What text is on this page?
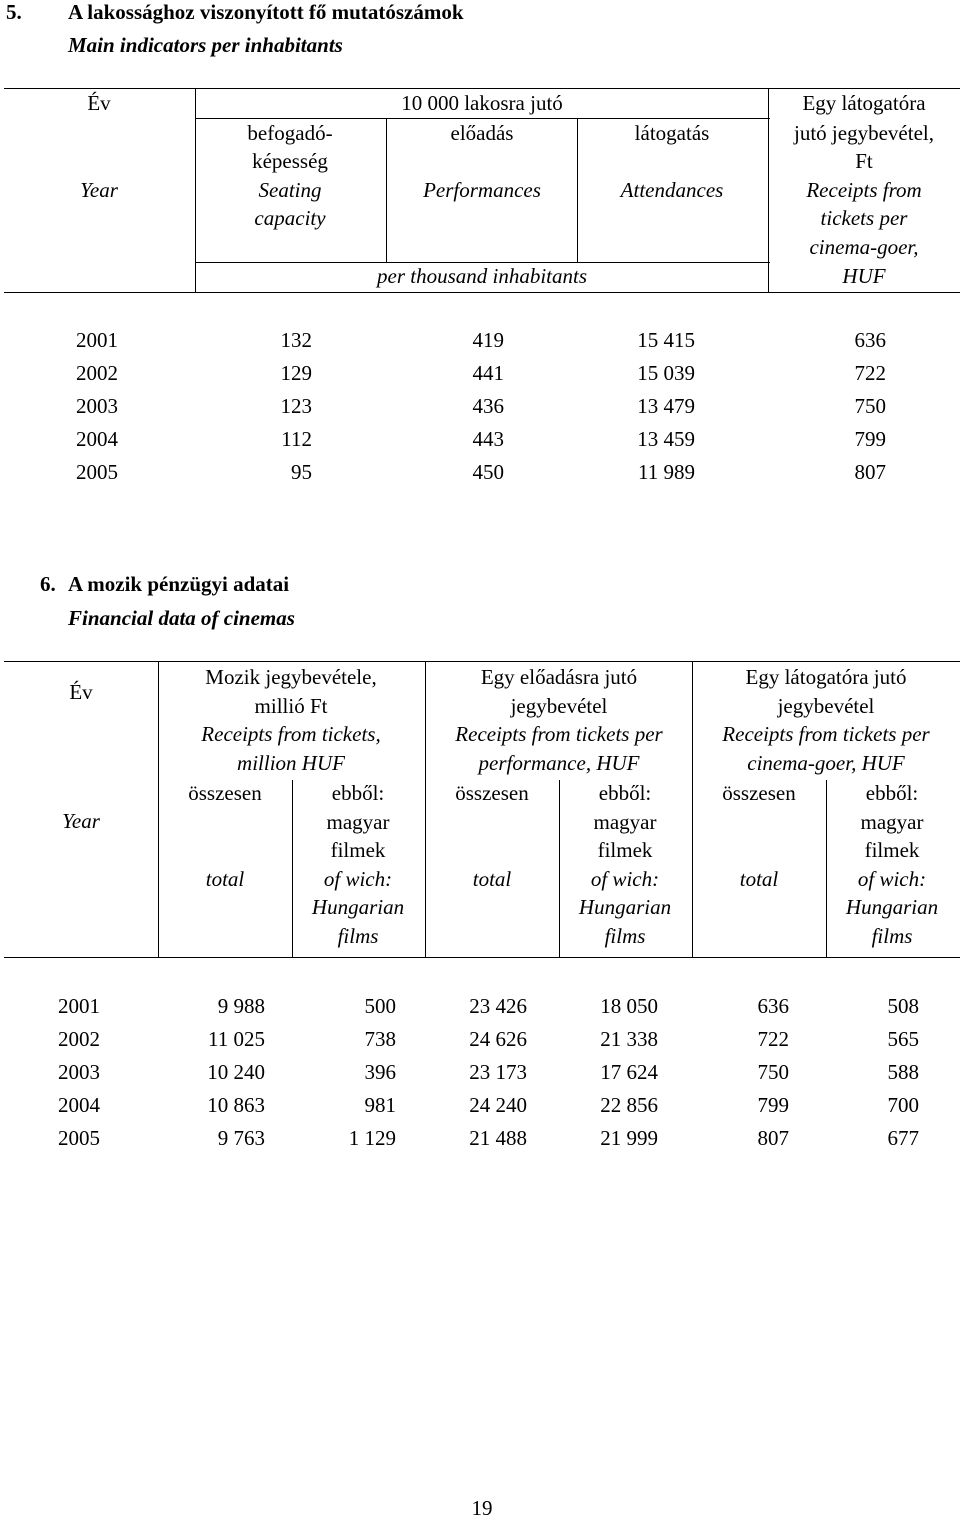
5. A lakossághoz viszonyított fő mutatószámok
Main indicators per inhabitants
Év
Year
10 000 lakosra jutó
per thousand inhabitants
befogadó-
képesség
Seating
capacity
előadás
Performances
látogatás
Attendances
Egy látogatóra
jutó jegybevétel,
Ft
Receipts from
tickets per
cinema-goer,
HUF
2001	132	419	15 415	636
2002	129	441	15 039	722
2003	123	436	13 479	750
2004	112	443	13 459	799
2005	95	450	11 989	807
6. A mozik pénzügyi adatai
Financial data of cinemas
Év
Year
Mozik jegybevétele,
millió Ft
Receipts from tickets,
million HUF
Egy előadásra jutó
jegybevétel
Receipts from tickets per
performance, HUF
Egy látogatóra jutó
jegybevétel
Receipts from tickets per
cinema-goer, HUF
összesen
total
ebből:
magyar
filmek
of wich:
Hungarian
films
összesen
total
ebből:
magyar
filmek
of wich:
Hungarian
films
összesen
total
ebből:
magyar
filmek
of wich:
Hungarian
films
2001	9 988	500	23 426	18 050	636	508
2002	11 025	738	24 626	21 338	722	565
2003	10 240	396	23 173	17 624	750	588
2004	10 863	981	24 240	22 856	799	700
2005	9 763	1 129	21 488	21 999	807	677
19
